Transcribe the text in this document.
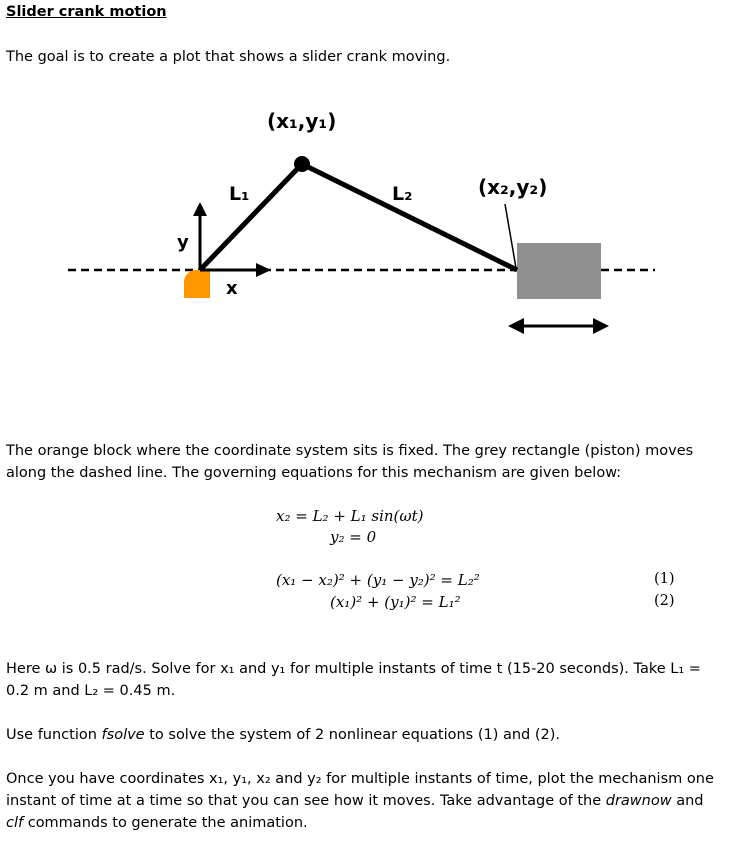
Slider crank motion
The goal is to create a plot that shows a slider crank moving.
(x₁,y₁)
(x₂,y₂)
L₁	L₂
x
y
The orange block where the coordinate system sits is fixed. The grey rectangle (piston) moves along the dashed line. The governing equations for this mechanism are given below:
x₂ = L₂ + L₁ sin(ωt)
y₂ = 0
(x₁ − x₂)² + (y₁ − y₂)² = L₂²
(x₁)² + (y₁)² = L₁²
(1)
(2)
Here ω is 0.5 rad/s. Solve for x₁ and y₁ for multiple instants of time t (15-20 seconds). Take L₁ = 0.2 m and L₂ = 0.45 m.
Use function fsolve to solve the system of 2 nonlinear equations (1) and (2).
Once you have coordinates x₁, y₁, x₂ and y₂ for multiple instants of time, plot the mechanism one instant of time at a time so that you can see how it moves. Take advantage of the drawnow and clf commands to generate the animation.
